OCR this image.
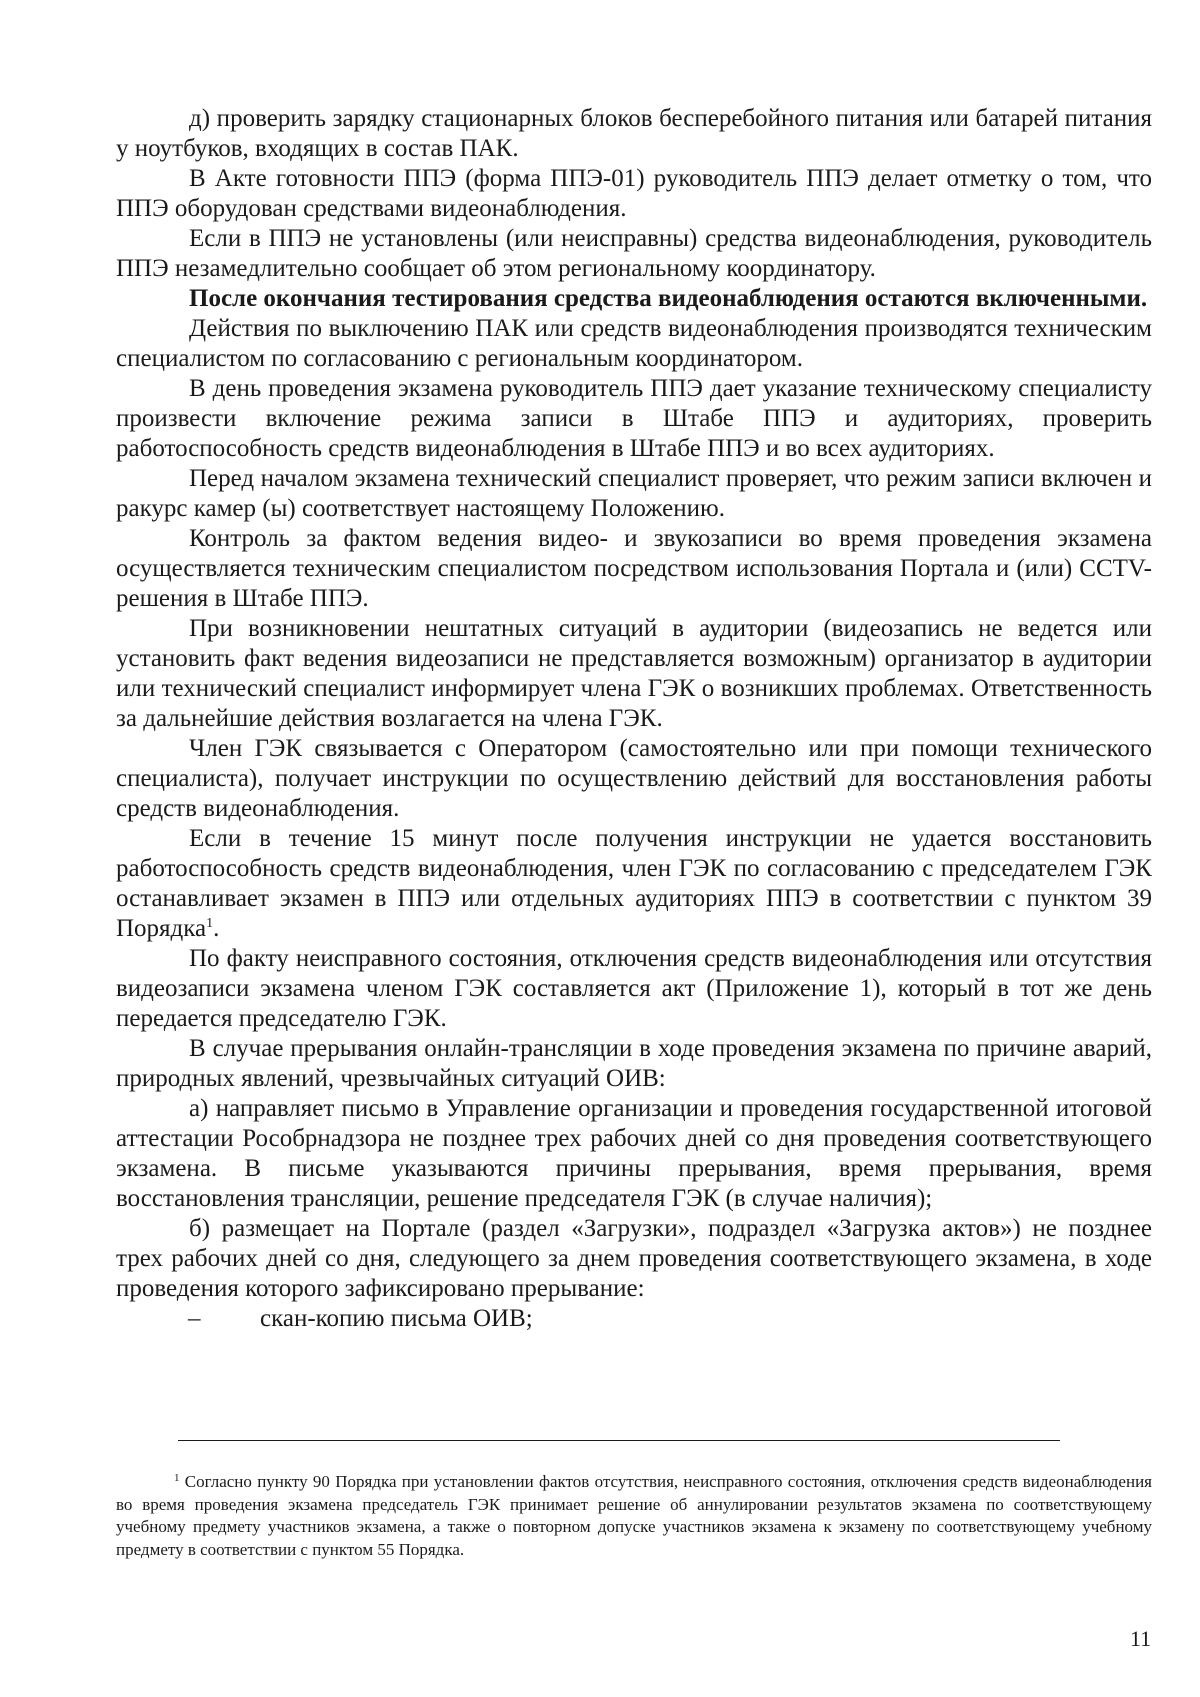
д) проверить зарядку стационарных блоков бесперебойного питания или батарей питания у ноутбуков, входящих в состав ПАК.

В Акте готовности ППЭ (форма ППЭ-01) руководитель ППЭ делает отметку о том, что ППЭ оборудован средствами видеонаблюдения.

Если в ППЭ не установлены (или неисправны) средства видеонаблюдения, руководитель ППЭ незамедлительно сообщает об этом региональному координатору.

После окончания тестирования средства видеонаблюдения остаются включенными.

Действия по выключению ПАК или средств видеонаблюдения производятся техническим специалистом по согласованию с региональным координатором.

В день проведения экзамена руководитель ППЭ дает указание техническому специалисту произвести включение режима записи в Штабе ППЭ и аудиториях, проверить работоспособность средств видеонаблюдения в Штабе ППЭ и во всех аудиториях.

Перед началом экзамена технический специалист проверяет, что режим записи включен и ракурс камер (ы) соответствует настоящему Положению.

Контроль за фактом ведения видео- и звукозаписи во время проведения экзамена осуществляется техническим специалистом посредством использования Портала и (или) CCTV-решения в Штабе ППЭ.

При возникновении нештатных ситуаций в аудитории (видеозапись не ведется или установить факт ведения видеозаписи не представляется возможным) организатор в аудитории или технический специалист информирует члена ГЭК о возникших проблемах. Ответственность за дальнейшие действия возлагается на члена ГЭК.

Член ГЭК связывается с Оператором (самостоятельно или при помощи технического специалиста), получает инструкции по осуществлению действий для восстановления работы средств видеонаблюдения.

Если в течение 15 минут после получения инструкции не удается восстановить работоспособность средств видеонаблюдения, член ГЭК по согласованию с председателем ГЭК останавливает экзамен в ППЭ или отдельных аудиториях ППЭ в соответствии с пунктом 39 Порядка$^1$.

По факту неисправного состояния, отключения средств видеонаблюдения или отсутствия видеозаписи экзамена членом ГЭК составляется акт (Приложение 1), который в тот же день передается председателю ГЭК.

В случае прерывания онлайн-трансляции в ходе проведения экзамена по причине аварий, природных явлений, чрезвычайных ситуаций ОИВ:

а) направляет письмо в Управление организации и проведения государственной итоговой аттестации Рособрнадзора не позднее трех рабочих дней со дня проведения соответствующего экзамена. В письме указываются причины прерывания, время прерывания, время восстановления трансляции, решение председателя ГЭК (в случае наличия);

б) размещает на Портале (раздел «Загрузки», подраздел «Загрузка актов») не позднее трех рабочих дней со дня, следующего за днем проведения соответствующего экзамена, в ходе проведения которого зафиксировано прерывание:

– скан-копию письма ОИВ;

$^1$ Согласно пункту 90 Порядка при установлении фактов отсутствия, неисправного состояния, отключения средств видеонаблюдения во время проведения экзамена председатель ГЭК принимает решение об аннулировании результатов экзамена по соответствующему учебному предмету участников экзамена, а также о повторном допуске участников экзамена к экзамену по соответствующему учебному предмету в соответствии с пунктом 55 Порядка.
11
